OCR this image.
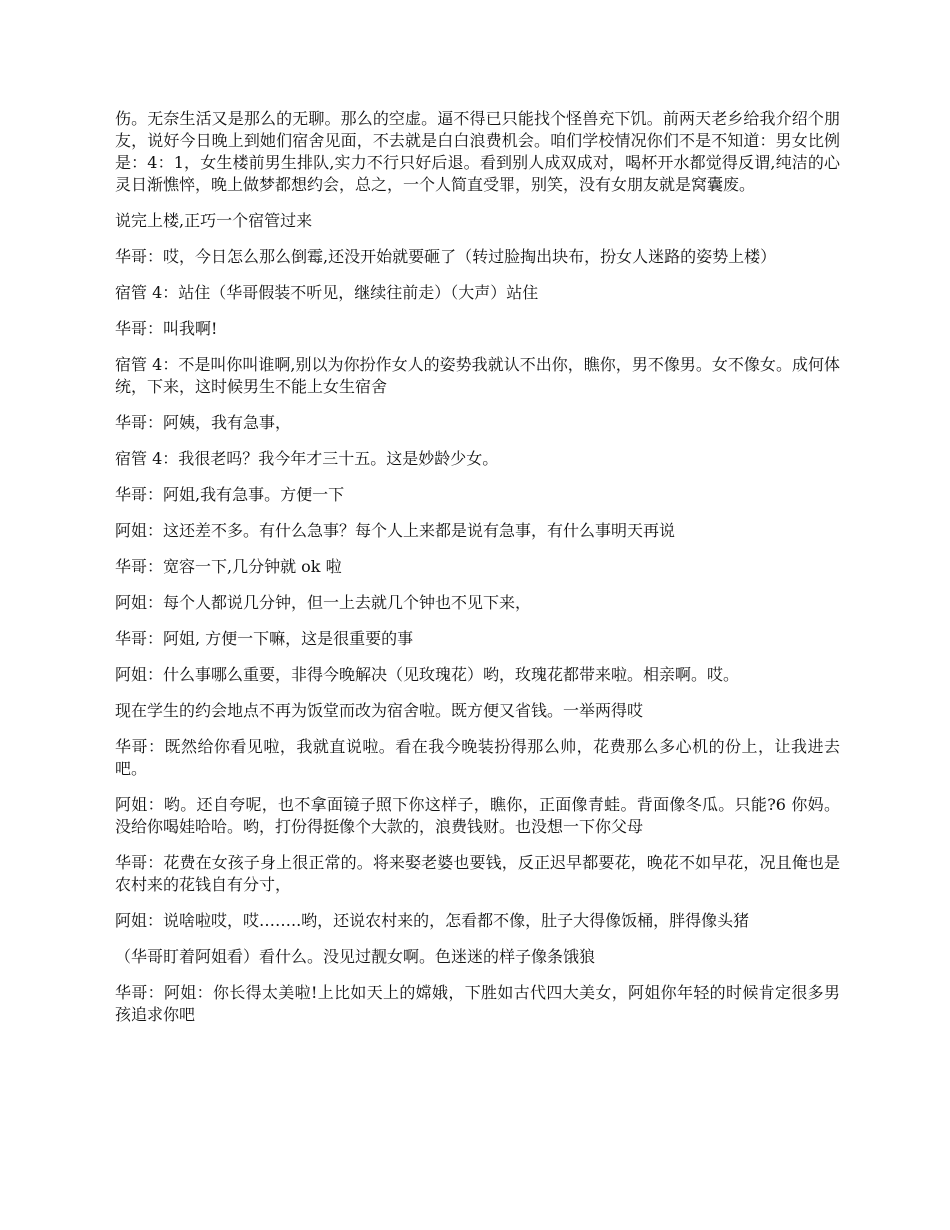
伤。无奈生活又是那么的无聊。那么的空虚。逼不得已只能找个怪兽充下饥。前两天老乡给我介绍个朋友，说好今日晚上到她们宿舍见面，不去就是白白浪费机会。咱们学校情况你们不是不知道：男女比例是：4：1，女生楼前男生排队,实力不行只好后退。看到别人成双成对，喝杯开水都觉得反谓,纯洁的心灵日渐憔悴，晚上做梦都想约会，总之，一个人简直受罪，别笑，没有女朋友就是窝囊废。

说完上楼,正巧一个宿管过来

华哥：哎，今日怎么那么倒霉,还没开始就要砸了（转过脸掏出块布，扮女人迷路的姿势上楼）

宿管 4：站住（华哥假装不听见，继续往前走）（大声）站住

华哥：叫我啊!

宿管 4：不是叫你叫谁啊,别以为你扮作女人的姿势我就认不出你，瞧你，男不像男。女不像女。成何体统，下来，这时候男生不能上女生宿舍

华哥：阿姨，我有急事，

宿管 4：我很老吗？我今年才三十五。这是妙龄少女。

华哥：阿姐,我有急事。方便一下

阿姐：这还差不多。有什么急事？每个人上来都是说有急事，有什么事明天再说

华哥：宽容一下,几分钟就 ok 啦

阿姐：每个人都说几分钟，但一上去就几个钟也不见下来，

华哥：阿姐, 方便一下嘛，这是很重要的事

阿姐：什么事哪么重要，非得今晚解决（见玫瑰花）哟，玫瑰花都带来啦。相亲啊。哎。

现在学生的约会地点不再为饭堂而改为宿舍啦。既方便又省钱。一举两得哎

华哥：既然给你看见啦，我就直说啦。看在我今晚装扮得那么帅，花费那么多心机的份上，让我进去吧。

阿姐：哟。还自夸呢，也不拿面镜子照下你这样子，瞧你，正面像青蛙。背面像冬瓜。只能?6 你妈。没给你喝娃哈哈。哟，打份得挺像个大款的，浪费钱财。也没想一下你父母

华哥：花费在女孩子身上很正常的。将来娶老婆也要钱，反正迟早都要花，晚花不如早花，况且俺也是农村来的花钱自有分寸，

阿姐：说啥啦哎，哎……..哟，还说农村来的，怎看都不像，肚子大得像饭桶，胖得像头猪

（华哥盯着阿姐看）看什么。没见过靓女啊。色迷迷的样子像条饿狼

华哥：阿姐：你长得太美啦!上比如天上的嫦娥，下胜如古代四大美女，阿姐你年轻的时候肯定很多男孩追求你吧
